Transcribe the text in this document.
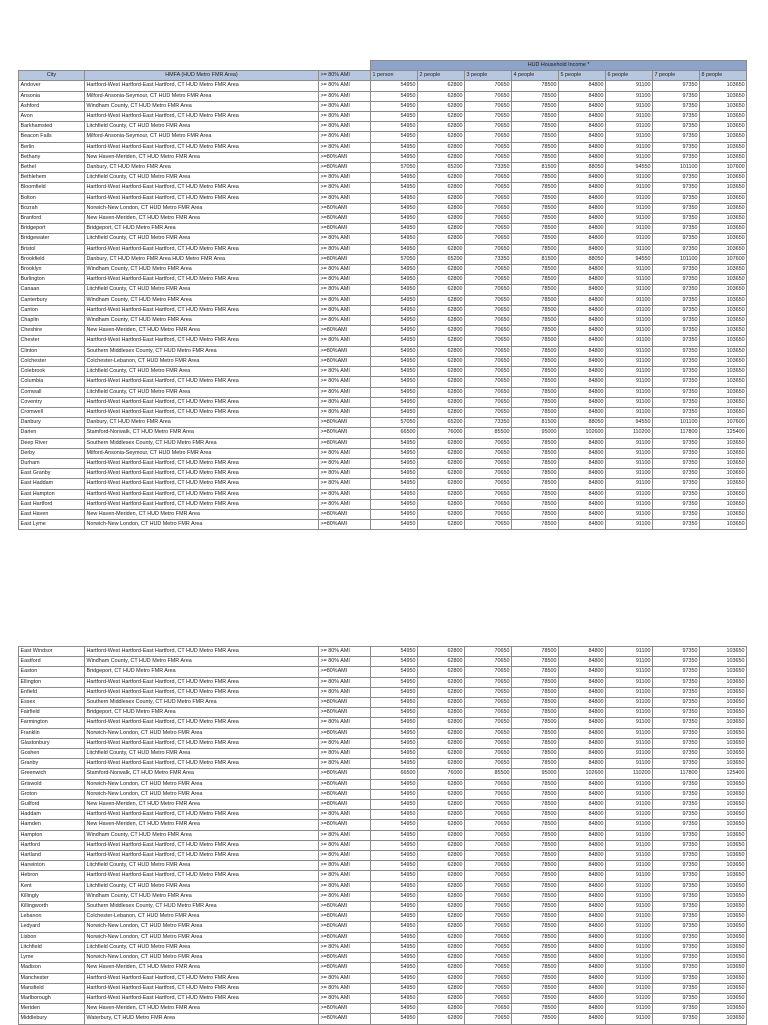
			HUD Household Income *							
City	HMFA (HUD Metro FMR Area)	>= 80% AMI	1 person	2 people	3 people	4 people	5 people	6 people	7 people	8 people
Andover	Hartford-West Hartford-East Hartford, CT HUD Metro FMR Area	>= 80% AMI	54950	62800	70650	78500	84800	91100	97350	103650
Ansonia	Milford-Ansonia-Seymour, CT HUD Metro FMR Area	>= 80% AMI	54950	62800	70650	78500	84800	91100	97350	103650
Ashford	Windham County, CT HUD Metro FMR Area	>= 80% AMI	54950	62800	70650	78500	84800	91100	97350	103650
Avon	Hartford-West Hartford-East Hartford, CT HUD Metro FMR Area	>= 80% AMI	54950	62800	70650	78500	84800	91100	97350	103650
Barkhamsted	Litchfield County, CT HUD Metro FMR Area	>= 80% AMI	54950	62800	70650	78500	84800	91100	97350	103650
Beacon Falls	Milford-Ansonia-Seymour, CT HUD Metro FMR Area	>= 80% AMI	54950	62800	70650	78500	84800	91100	97350	103650
Berlin	Hartford-West Hartford-East Hartford, CT HUD Metro FMR Area	>= 80% AMI	54950	62800	70650	78500	84800	91100	97350	103650
Bethany	New Haven-Meriden, CT HUD Metro FMR Area	>=80%AMI	54950	62800	70650	78500	84800	91100	97350	103650
Bethel	Danbury, CT HUD Metro FMR Area	>=80%AMI	57050	65200	73350	81500	88050	94550	101100	107600
Bethlehem	Litchfield County, CT HUD Metro FMR Area	>= 80% AMI	54950	62800	70650	78500	84800	91100	97350	103650
Bloomfield	Hartford-West Hartford-East Hartford, CT HUD Metro FMR Area	>= 80% AMI	54950	62800	70650	78500	84800	91100	97350	103650
Bolton	Hartford-West Hartford-East Hartford, CT HUD Metro FMR Area	>= 80% AMI	54950	62800	70650	78500	84800	91100	97350	103650
Bozrah	Norwich-New London, CT HUD Metro FMR Area	>=80%AMI	54950	62800	70650	78500	84800	91100	97350	103650
Branford	New Haven-Meriden, CT HUD Metro FMR Area	>=80%AMI	54950	62800	70650	78500	84800	91100	97350	103650
Bridgeport	Bridgeport, CT HUD Metro FMR Area	>=80%AMI	54950	62800	70650	78500	84800	91100	97350	103650
Bridgewater	Litchfield County, CT HUD Metro FMR Area	>= 80% AMI	54950	62800	70650	78500	84800	91100	97350	103650
Bristol	Hartford-West Hartford-East Hartford, CT HUD Metro FMR Area	>= 80% AMI	54950	62800	70650	78500	84800	91100	97350	103650
Brookfield	Danbury, CT HUD Metro FMR Area HUD Metro FMR Area	>=80%AMI	57050	65200	73350	81500	88050	94550	101100	107600
Brooklyn	Windham County, CT HUD Metro FMR Area	>= 80% AMI	54950	62800	70650	78500	84800	91100	97350	103650
Burlington	Hartford-West Hartford-East Hartford, CT HUD Metro FMR Area	>= 80% AMI	54950	62800	70650	78500	84800	91100	97350	103650
Canaan	Litchfield County, CT HUD Metro FMR Area	>= 80% AMI	54950	62800	70650	78500	84800	91100	97350	103650
Canterbury	Windham County, CT HUD Metro FMR Area	>= 80% AMI	54950	62800	70650	78500	84800	91100	97350	103650
Canton	Hartford-West Hartford-East Hartford, CT HUD Metro FMR Area	>= 80% AMI	54950	62800	70650	78500	84800	91100	97350	103650
Chaplin	Windham County, CT HUD Metro FMR Area	>= 80% AMI	54950	62800	70650	78500	84800	91100	97350	103650
Cheshire	New Haven-Meriden, CT HUD Metro FMR Area	>=80%AMI	54950	62800	70650	78500	84800	91100	97350	103650
Chester	Hartford-West Hartford-East Hartford, CT HUD Metro FMR Area	>= 80% AMI	54950	62800	70650	78500	84800	91100	97350	103650
Clinton	Southern Middlesex County, CT HUD Metro FMR Area	>=80%AMI	54950	62800	70650	78500	84800	91100	97350	103650
Colchester	Colchester-Lebanon, CT HUD Metro FMR Area	>=80%AMI	54950	62800	70650	78500	84800	91100	97350	103650
Colebrook	Litchfield County, CT HUD Metro FMR Area	>= 80% AMI	54950	62800	70650	78500	84800	91100	97350	103650
Columbia	Hartford-West Hartford-East Hartford, CT HUD Metro FMR Area	>= 80% AMI	54950	62800	70650	78500	84800	91100	97350	103650
Cornwall	Litchfield County, CT HUD Metro FMR Area	>= 80% AMI	54950	62800	70650	78500	84800	91100	97350	103650
Coventry	Hartford-West Hartford-East Hartford, CT HUD Metro FMR Area	>= 80% AMI	54950	62800	70650	78500	84800	91100	97350	103650
Cromwell	Hartford-West Hartford-East Hartford, CT HUD Metro FMR Area	>= 80% AMI	54950	62800	70650	78500	84800	91100	97350	103650
Danbury	Danbury, CT HUD Metro FMR Area	>=80%AMI	57050	65200	73350	81500	88050	94550	101100	107600
Darien	Stamford-Norwalk, CT HUD Metro FMR Area	>=80%AMI	66500	76000	85500	95000	102600	110200	117800	125400
Deep River	Southern Middlesex County, CT HUD Metro FMR Area	>=80%AMI	54950	62800	70650	78500	84800	91100	97350	103650
Derby	Milford-Ansonia-Seymour, CT HUD Metro FMR Area	>= 80% AMI	54950	62800	70650	78500	84800	91100	97350	103650
Durham	Hartford-West Hartford-East Hartford, CT HUD Metro FMR Area	>= 80% AMI	54950	62800	70650	78500	84800	91100	97350	103650
East Granby	Hartford-West Hartford-East Hartford, CT HUD Metro FMR Area	>= 80% AMI	54950	62800	70650	78500	84800	91100	97350	103650
East Haddam	Hartford-West Hartford-East Hartford, CT HUD Metro FMR Area	>= 80% AMI	54950	62800	70650	78500	84800	91100	97350	103650
East Hampton	Hartford-West Hartford-East Hartford, CT HUD Metro FMR Area	>= 80% AMI	54950	62800	70650	78500	84800	91100	97350	103650
East Hartford	Hartford-West Hartford-East Hartford, CT HUD Metro FMR Area	>= 80% AMI	54950	62800	70650	78500	84800	91100	97350	103650
East Haven	New Haven-Meriden, CT HUD Metro FMR Area	>=80%AMI	54950	62800	70650	78500	84800	91100	97350	103650
East Lyme	Norwich-New London, CT HUD Metro FMR Area	>=80%AMI	54950	62800	70650	78500	84800	91100	97350	103650
East Windsor	Hartford-West Hartford-East Hartford, CT HUD Metro FMR Area	>= 80% AMI	54950	62800	70650	78500	84800	91100	97350	103650
Eastford	Windham County, CT HUD Metro FMR Area	>= 80% AMI	54950	62800	70650	78500	84800	91100	97350	103650
Easton	Bridgeport, CT HUD Metro FMR Area	>=80%AMI	54950	62800	70650	78500	84800	91100	97350	103650
Ellington	Hartford-West Hartford-East Hartford, CT HUD Metro FMR Area	>= 80% AMI	54950	62800	70650	78500	84800	91100	97350	103650
Enfield	Hartford-West Hartford-East Hartford, CT HUD Metro FMR Area	>= 80% AMI	54950	62800	70650	78500	84800	91100	97350	103650
Essex	Southern Middlesex County, CT HUD Metro FMR Area	>=80%AMI	54950	62800	70650	78500	84800	91100	97350	103650
Fairfield	Bridgeport, CT HUD Metro FMR Area	>=80%AMI	54950	62800	70650	78500	84800	91100	97350	103650
Farmington	Hartford-West Hartford-East Hartford, CT HUD Metro FMR Area	>= 80% AMI	54950	62800	70650	78500	84800	91100	97350	103650
Franklin	Norwich-New London, CT HUD Metro FMR Area	>=80%AMI	54950	62800	70650	78500	84800	91100	97350	103650
Glastonbury	Hartford-West Hartford-East Hartford, CT HUD Metro FMR Area	>= 80% AMI	54950	62800	70650	78500	84800	91100	97350	103650
Goshen	Litchfield County, CT HUD Metro FMR Area	>= 80% AMI	54950	62800	70650	78500	84800	91100	97350	103650
Granby	Hartford-West Hartford-East Hartford, CT HUD Metro FMR Area	>= 80% AMI	54950	62800	70650	78500	84800	91100	97350	103650
Greenwich	Stamford-Norwalk, CT HUD Metro FMR Area	>=80%AMI	66500	76000	85500	95000	102600	110200	117800	125400
Griswold	Norwich-New London, CT HUD Metro FMR Area	>=80%AMI	54950	62800	70650	78500	84800	91100	97350	103650
Groton	Norwich-New London, CT HUD Metro FMR Area	>=80%AMI	54950	62800	70650	78500	84800	91100	97350	103650
Guilford	New Haven-Meriden, CT HUD Metro FMR Area	>=80%AMI	54950	62800	70650	78500	84800	91100	97350	103650
Haddam	Hartford-West Hartford-East Hartford, CT HUD Metro FMR Area	>= 80% AMI	54950	62800	70650	78500	84800	91100	97350	103650
Hamden	New Haven-Meriden, CT HUD Metro FMR Area	>=80%AMI	54950	62800	70650	78500	84800	91100	97350	103650
Hampton	Windham County, CT HUD Metro FMR Area	>= 80% AMI	54950	62800	70650	78500	84800	91100	97350	103650
Hartford	Hartford-West Hartford-East Hartford, CT HUD Metro FMR Area	>= 80% AMI	54950	62800	70650	78500	84800	91100	97350	103650
Hartland	Hartford-West Hartford-East Hartford, CT HUD Metro FMR Area	>= 80% AMI	54950	62800	70650	78500	84800	91100	97350	103650
Harwinton	Litchfield County, CT HUD Metro FMR Area	>= 80% AMI	54950	62800	70650	78500	84800	91100	97350	103650
Hebron	Hartford-West Hartford-East Hartford, CT HUD Metro FMR Area	>= 80% AMI	54950	62800	70650	78500	84800	91100	97350	103650
Kent	Litchfield County, CT HUD Metro FMR Area	>= 80% AMI	54950	62800	70650	78500	84800	91100	97350	103650
Killingly	Windham County, CT HUD Metro FMR Area	>= 80% AMI	54950	62800	70650	78500	84800	91100	97350	103650
Killingworth	Southern Middlesex County, CT HUD Metro FMR Area	>=80%AMI	54950	62800	70650	78500	84800	91100	97350	103650
Lebanon	Colchester-Lebanon, CT HUD Metro FMR Area	>=80%AMI	54950	62800	70650	78500	84800	91100	97350	103650
Ledyard	Norwich-New London, CT HUD Metro FMR Area	>=80%AMI	54950	62800	70650	78500	84800	91100	97350	103650
Lisbon	Norwich-New London, CT HUD Metro FMR Area	>=80%AMI	54950	62800	70650	78500	84800	91100	97350	103650
Litchfield	Litchfield County, CT HUD Metro FMR Area	>= 80% AMI	54950	62800	70650	78500	84800	91100	97350	103650
Lyme	Norwich-New London, CT HUD Metro FMR Area	>=80%AMI	54950	62800	70650	78500	84800	91100	97350	103650
Madison	New Haven-Meriden, CT HUD Metro FMR Area	>=80%AMI	54950	62800	70650	78500	84800	91100	97350	103650
Manchester	Hartford-West Hartford-East Hartford, CT HUD Metro FMR Area	>= 80% AMI	54950	62800	70650	78500	84800	91100	97350	103650
Mansfield	Hartford-West Hartford-East Hartford, CT HUD Metro FMR Area	>= 80% AMI	54950	62800	70650	78500	84800	91100	97350	103650
Marlborough	Hartford-West Hartford-East Hartford, CT HUD Metro FMR Area	>= 80% AMI	54950	62800	70650	78500	84800	91100	97350	103650
Meriden	New Haven-Meriden, CT HUD Metro FMR Area	>=80%AMI	54950	62800	70650	78500	84800	91100	97350	103650
Middlebury	Waterbury, CT HUD Metro FMR Area	>=80%AMI	54950	62800	70650	78500	84800	91100	97350	103650
